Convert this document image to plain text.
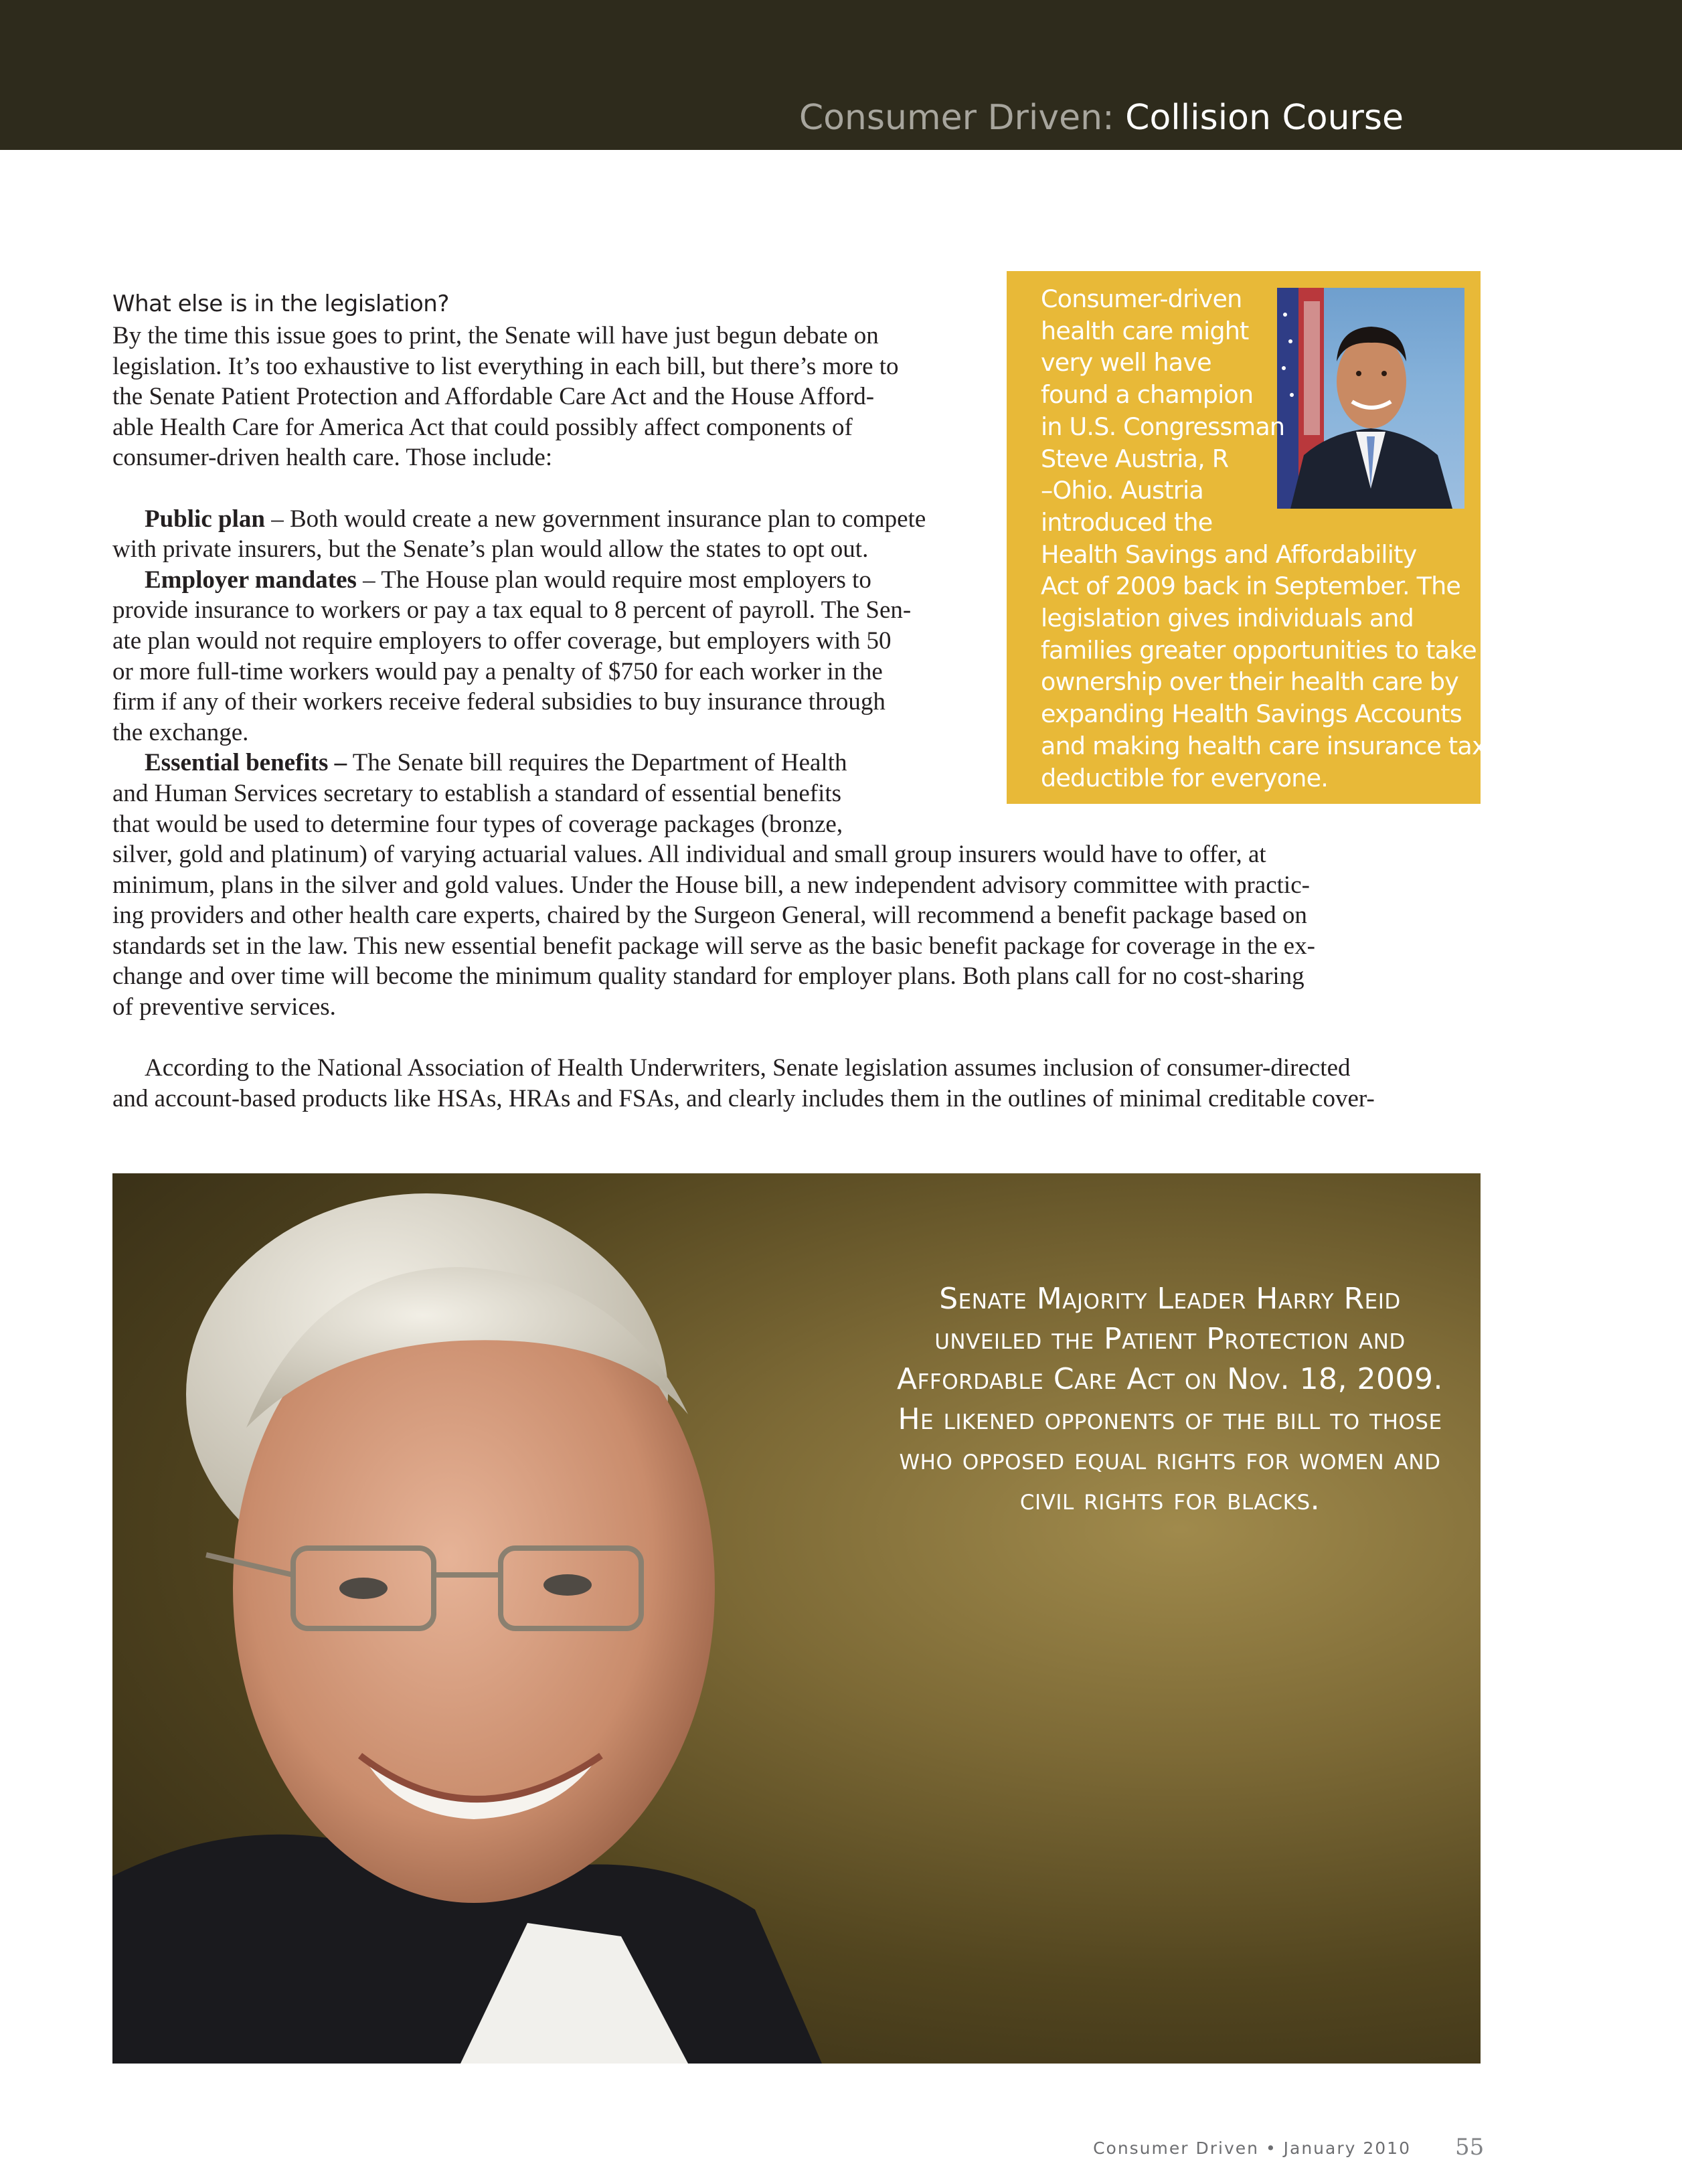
Consumer Driven: Collision Course

Consumer-driven
health care might
very well have
found a champion
in U.S. Congressman
Steve Austria, R
–Ohio. Austria
introduced the
Health Savings and Affordability
Act of 2009 back in September. The
legislation gives individuals and
families greater opportunities to take
ownership over their health care by
expanding Health Savings Accounts
and making health care insurance tax
deductible for everyone.

What else is in the legislation?
By the time this issue goes to print, the Senate will have just begun debate on
legislation. It’s too exhaustive to list everything in each bill, but there’s more to
the Senate Patient Protection and Affordable Care Act and the House Afford-
able Health Care for America Act that could possibly affect components of
consumer-driven health care. Those include:
Public plan – Both would create a new government insurance plan to compete
with private insurers, but the Senate’s plan would allow the states to opt out.
Employer mandates – The House plan would require most employers to
provide insurance to workers or pay a tax equal to 8 percent of payroll. The Sen-
ate plan would not require employers to offer coverage, but employers with 50
or more full-time workers would pay a penalty of $750 for each worker in the
firm if any of their workers receive federal subsidies to buy insurance through
the exchange.
Essential benefits – The Senate bill requires the Department of Health
and Human Services secretary to establish a standard of essential benefits
that would be used to determine four types of coverage packages (bronze,
silver, gold and platinum) of varying actuarial values. All individual and small group insurers would have to offer, at
minimum, plans in the silver and gold values. Under the House bill, a new independent advisory committee with practic-
ing providers and other health care experts, chaired by the Surgeon General, will recommend a benefit package based on
standards set in the law. This new essential benefit package will serve as the basic benefit package for coverage in the ex-
change and over time will become the minimum quality standard for employer plans. Both plans call for no cost-sharing
of preventive services.
According to the National Association of Health Underwriters, Senate legislation assumes inclusion of consumer-directed
and account-based products like HSAs, HRAs and FSAs, and clearly includes them in the outlines of minimal creditable cover-

Senate Majority Leader Harry Reid
unveiled the Patient Protection and
Affordable Care Act on Nov. 18, 2009.
He likened opponents of the bill to those
who opposed equal rights for women and
civil rights for blacks.

Consumer Driven • January 2010 55
